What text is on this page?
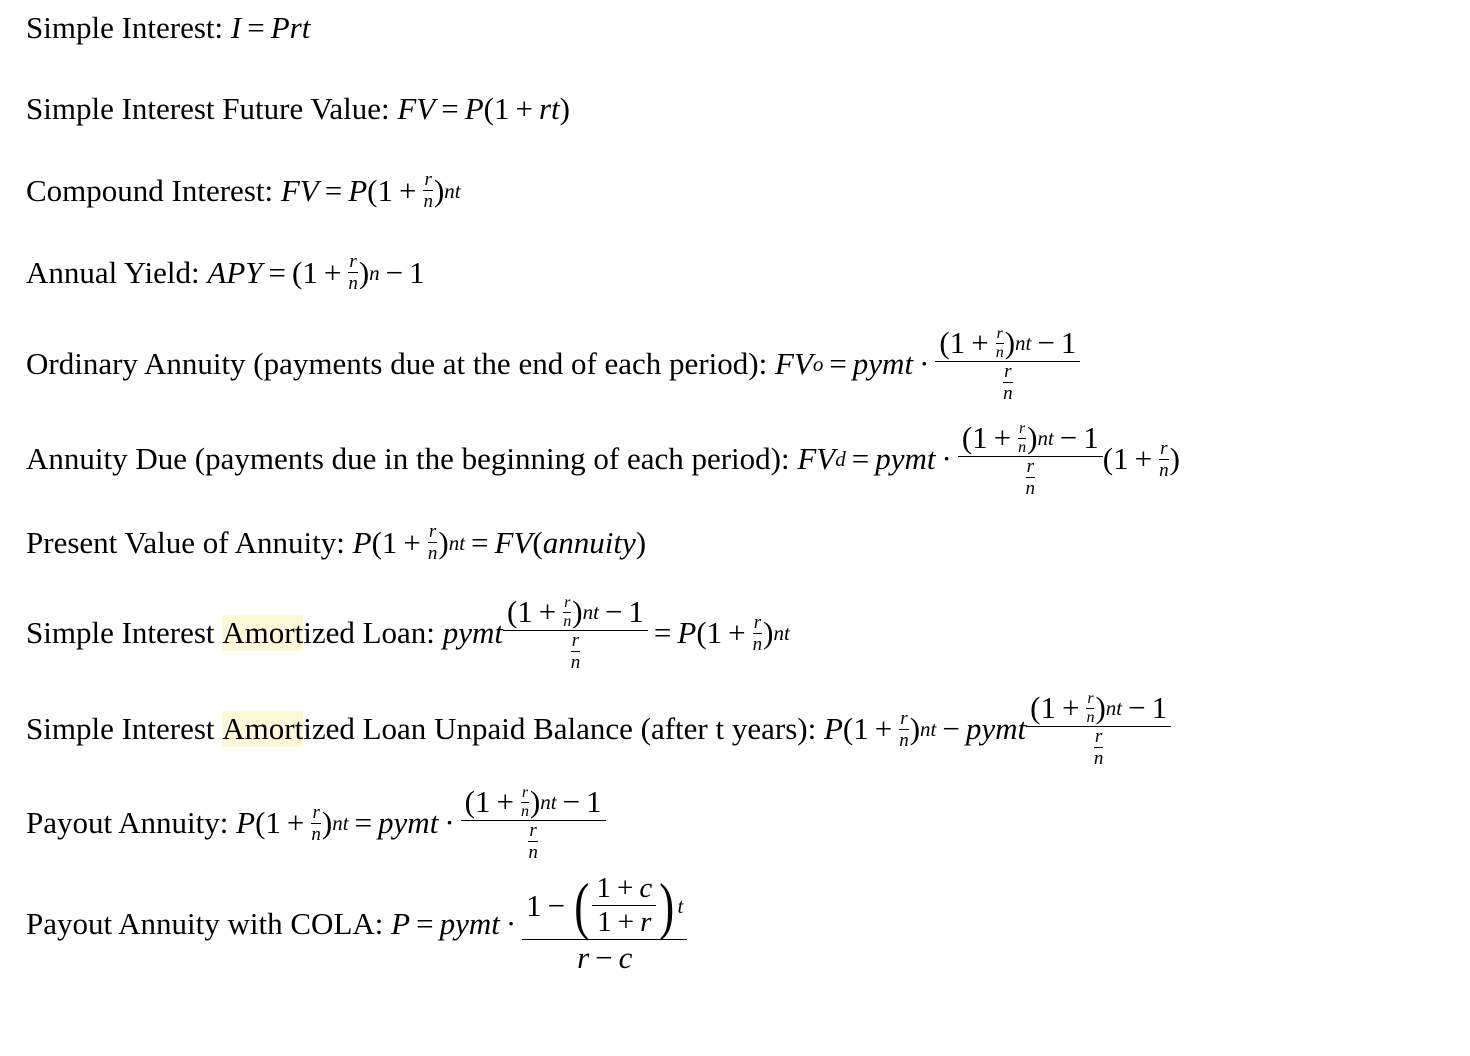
Simple Interest: I = Prt
Simple Interest Future Value: FV = P(1 + rt)
Compound Interest: FV = P (1 + r
n ) nt
Annual Yield: APY = (1 + r
n ) n − 1
Ordinary Annuity (payments due at the end of each period): FV o = pymt · (1 + r
n ) nt − 1
$\frac{r}{n}$
Annuity Due (payments due in the beginning of each period): FV d = pymt · (1 + r
n ) nt − 1
$\frac{r}{n} (1 + r$
n )
Present Value of Annuity: P (1 + r
n ) nt = FV ( annuity )
Simple Interest Amort ized Loan: pymt (1 + r
n ) nt − 1
$\frac{r}{n} = P$ (1 + r
n ) nt
Simple Interest Amort ized Loan Unpaid Balance (after t years): P (1 + r
n ) nt − pymt (1 + r
n ) nt − 1
$\frac{r}{n}$
Payout Annuity: P (1 + r
n ) nt = pymt · (1 + r
n ) nt − 1
$\frac{r}{n}$
Payout Annuity with COLA: P = pymt · $\frac{1 - ( \frac{1 + c}{1 + r} ) t}{r - c}$
